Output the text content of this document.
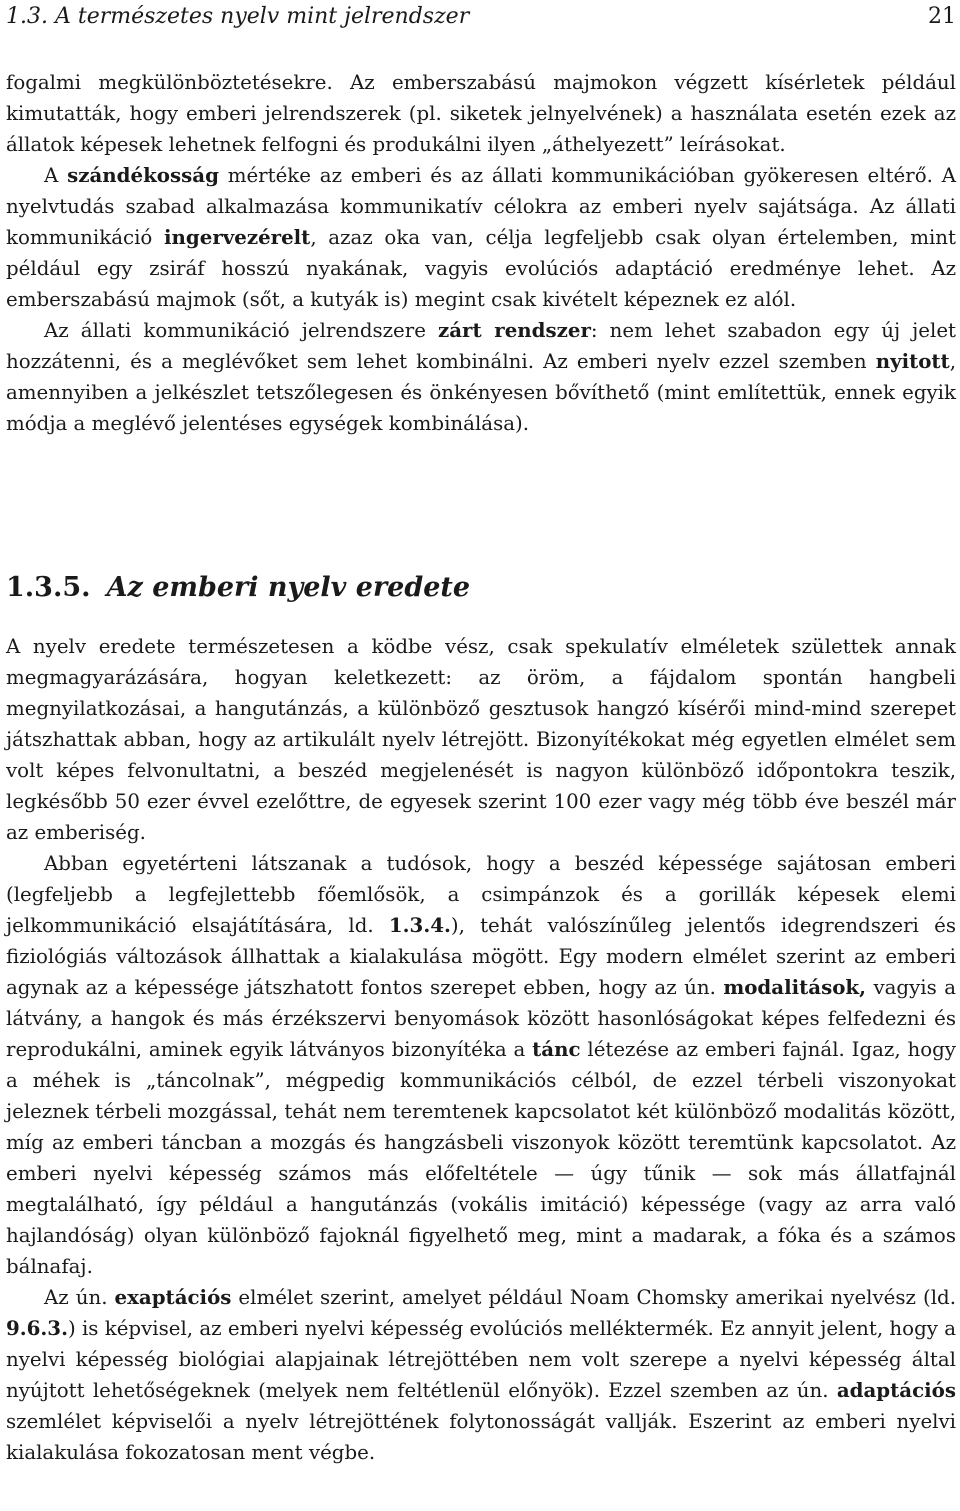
1.3. A természetes nyelv mint jelrendszer	21

fogalmi megkülönböztetésekre. Az emberszabású majmokon végzett kísérletek például kimutatták, hogy emberi jelrendszerek (pl. siketek jelnyelvének) a használata esetén ezek az állatok képesek lehetnek felfogni és produkálni ilyen „áthelyezett” leírásokat.

A szándékosság mértéke az emberi és az állati kommunikációban gyökeresen eltérő. A nyelvtudás szabad alkalmazása kommunikatív célokra az emberi nyelv sajátsága. Az állati kommunikáció ingervezérelt, azaz oka van, célja legfeljebb csak olyan értelemben, mint például egy zsiráf hosszú nyakának, vagyis evolúciós adaptáció eredménye lehet. Az emberszabású majmok (sőt, a kutyák is) megint csak kivételt képeznek ez alól.

Az állati kommunikáció jelrendszere zárt rendszer: nem lehet szabadon egy új jelet hozzátenni, és a meglévőket sem lehet kombinálni. Az emberi nyelv ezzel szemben nyitott, amennyiben a jelkészlet tetszőlegesen és önkényesen bővíthető (mint említettük, ennek egyik módja a meglévő jelentéses egységek kombinálása).

1.3.5. Az emberi nyelv eredete

A nyelv eredete természetesen a ködbe vész, csak spekulatív elméletek születtek annak megmagyarázására, hogyan keletkezett: az öröm, a fájdalom spontán hangbeli megnyilatkozásai, a hangutánzás, a különböző gesztusok hangzó kísérői mind-mind szerepet játszhattak abban, hogy az artikulált nyelv létrejött. Bizonyítékokat még egyetlen elmélet sem volt képes felvonultatni, a beszéd megjelenését is nagyon különböző időpontokra teszik, legkésőbb 50 ezer évvel ezelőttre, de egyesek szerint 100 ezer vagy még több éve beszél már az emberiség.

Abban egyetérteni látszanak a tudósok, hogy a beszéd képessége sajátosan emberi (legfeljebb a legfejlettebb főemlősök, a csimpánzok és a gorillák képesek elemi jelkommunikáció elsajátítására, ld. 1.3.4.), tehát valószínűleg jelentős idegrendszeri és fiziológiás változások állhattak a kialakulása mögött. Egy modern elmélet szerint az emberi agynak az a képessége játszhatott fontos szerepet ebben, hogy az ún. modalitások, vagyis a látvány, a hangok és más érzékszervi benyomások között hasonlóságokat képes felfedezni és reprodukálni, aminek egyik látványos bizonyítéka a tánc létezése az emberi fajnál. Igaz, hogy a méhek is „táncolnak”, mégpedig kommunikációs célból, de ezzel térbeli viszonyokat jeleznek térbeli mozgással, tehát nem teremtenek kapcsolatot két különböző modalitás között, míg az emberi táncban a mozgás és hangzásbeli viszonyok között teremtünk kapcsolatot. Az emberi nyelvi képesség számos más előfeltétele — úgy tűnik — sok más állatfajnál megtalálható, így például a hangutánzás (vokális imitáció) képessége (vagy az arra való hajlandóság) olyan különböző fajoknál figyelhető meg, mint a madarak, a fóka és a számos bálnafaj.

Az ún. exaptációs elmélet szerint, amelyet például Noam Chomsky amerikai nyelvész (ld. 9.6.3.) is képvisel, az emberi nyelvi képesség evolúciós melléktermék. Ez annyit jelent, hogy a nyelvi képesség biológiai alapjainak létrejöttében nem volt szerepe a nyelvi képesség által nyújtott lehetőségeknek (melyek nem feltétlenül előnyök). Ezzel szemben az ún. adaptációs szemlélet képviselői a nyelv létrejöttének folytonosságát vallják. Eszerint az emberi nyelvi kialakulása fokozatosan ment végbe.
